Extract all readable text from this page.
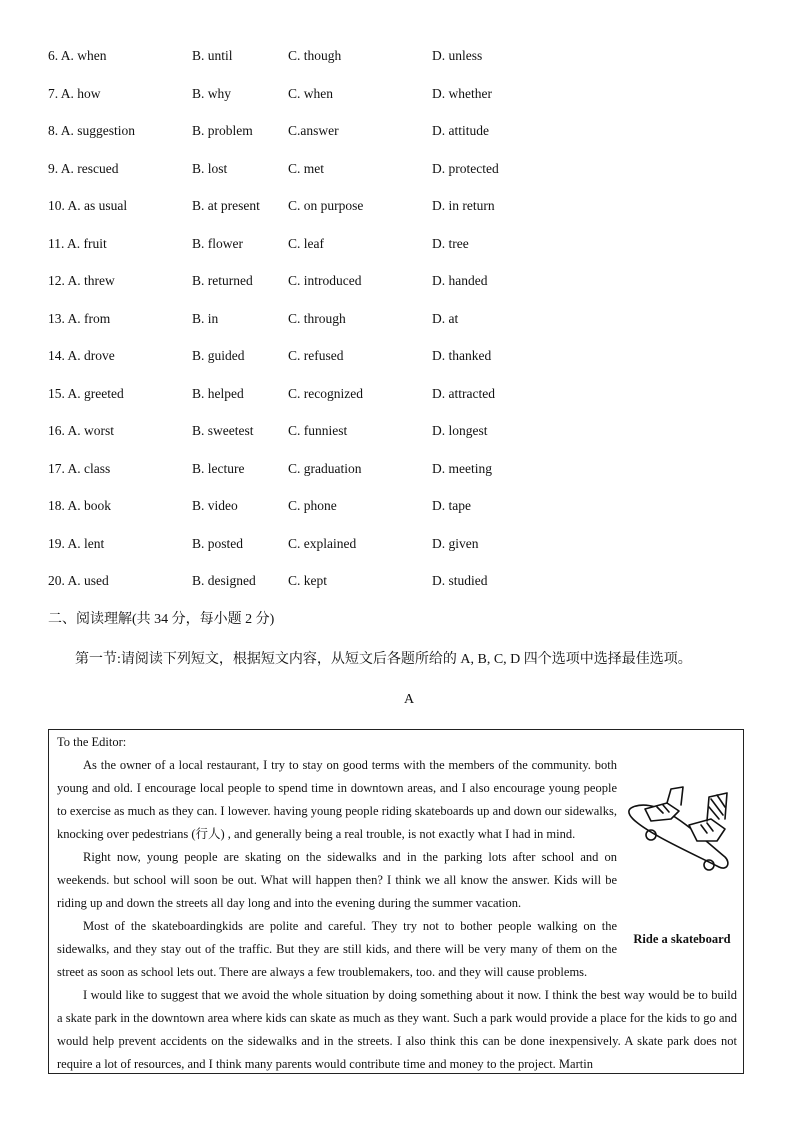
6. A. when	B. until	C. though	D. unless
7. A. how	B. why	C. when	D. whether
8. A. suggestion	B. problem	C.answer	D. attitude
9. A. rescued	B. lost	C. met	D. protected
10. A. as usual	B. at present C. on purpose	D. in return
11. A. fruit	B. flower	C. leaf	D. tree
12. A. threw	B. returned	C. introduced	D. handed
13. A. from	B. in	C. through	D. at
14. A. drove	B. guided	C. refused	D. thanked
15. A. greeted	B. helped	C. recognized	D. attracted
16. A. worst	B. sweetest	C. funniest	D. longest
17. A. class	B. lecture	C. graduation	D. meeting
18. A. book	B. video	C. phone	D. tape
19. A. lent	B. posted	C. explained	D. given
20. A. used	B. designed C. kept	D. studied
二、阅读理解(共 34 分，每小题 2 分)
第一节:请阅读下列短文，根据短文内容，从短文后各题所给的 A, B, C, D 四个选项中选择最佳选项。
A

To the Editor:

Ride a skateboard

As the owner of a local restaurant, I try to stay on good terms with the members of the community. both young and old. I encourage local people to spend time in downtown areas, and I also encourage young people to exercise as much as they can. I lowever. having young people riding skateboards up and down our sidewalks, knocking over pedestrians (行人) , and generally being a real trouble, is not exactly what I had in mind.

Right now, young people are skating on the sidewalks and in the parking lots after school and on weekends. but school will soon be out. What will happen then? I think we all know the answer. Kids will be riding up and down the streets all day long and into the evening during the summer vacation.

Most of the skateboardingkids are polite and careful. They try not to bother people walking on the sidewalks, and they stay out of the traffic. But they are still kids, and there will be very many of them on the street as soon as school lets out. There are always a few troublemakers, too. and they will cause problems.

I would like to suggest that we avoid the whole situation by doing something about it now. I think the best way would be to build a skate park in the downtown area where kids can skate as much as they want. Such a park would provide a place for the kids to go and would help prevent accidents on the sidewalks and in the streets. I also think this can be done inexpensively. A skate park does not require a lot of resources, and I think many parents would contribute time and money to the project. Martin
